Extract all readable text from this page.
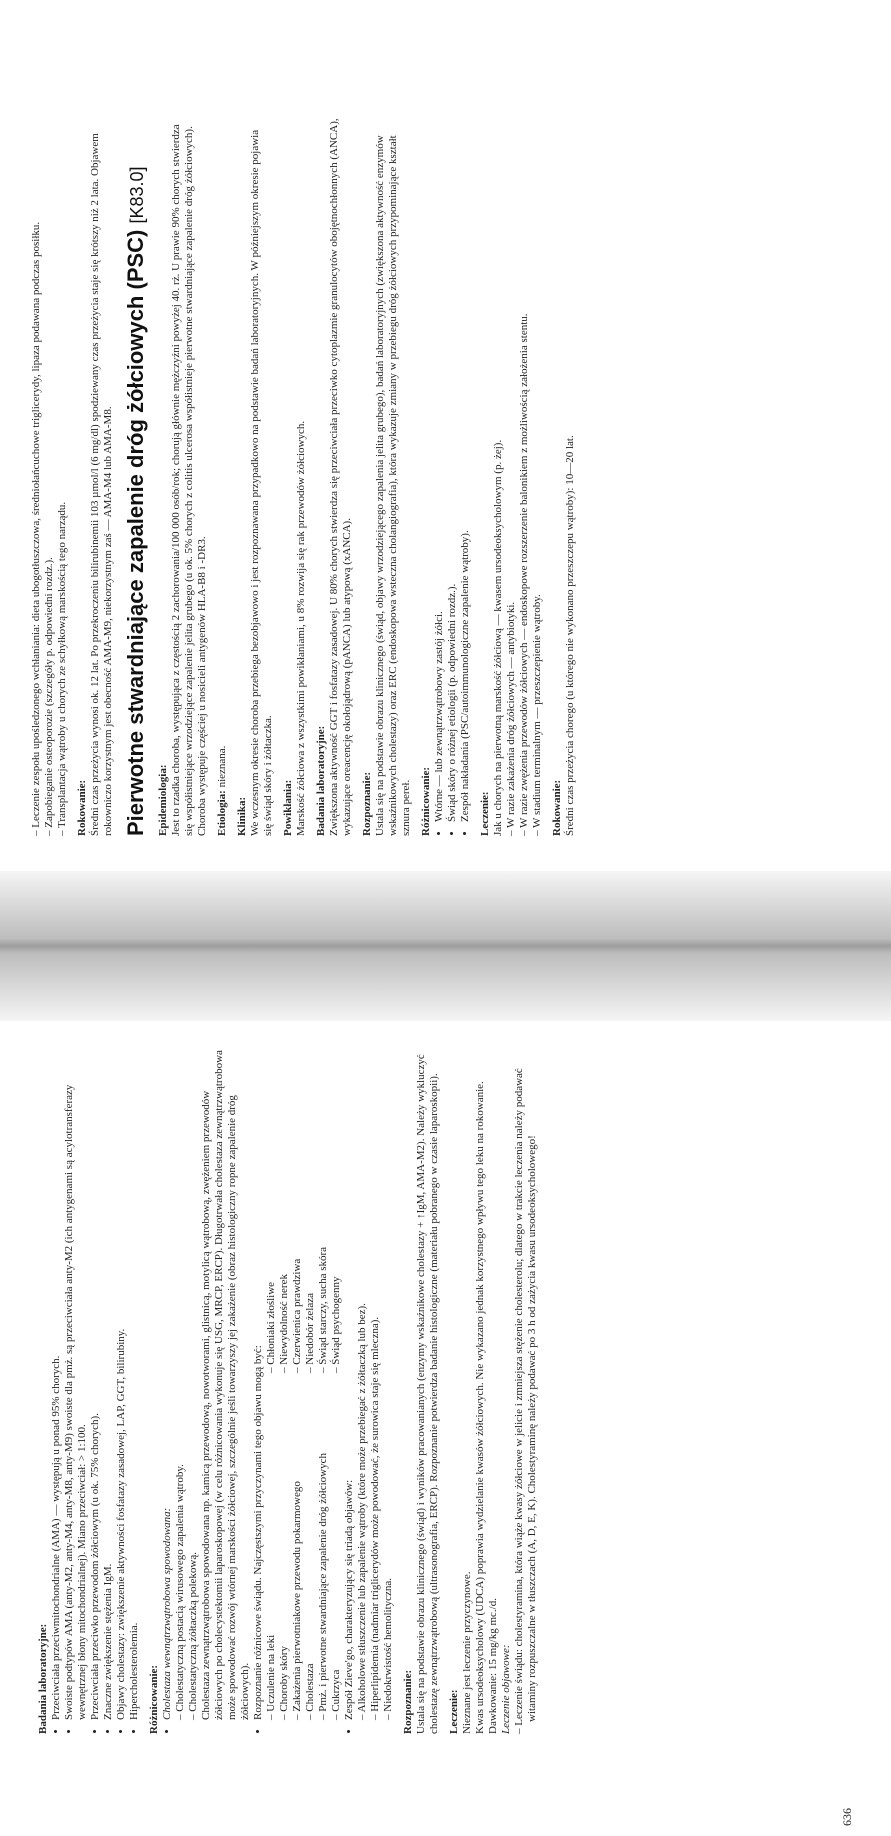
636

Badania laboratoryjne: • Przeciwciała przeciwmitochondrialne (AMA) — występują u ponad 95% chorych. • Swoiste podtypów AMA (anty-M2, anty-M4, anty-M8, anty-M9) swoiste dla pmż. są przeciwciała anty-M2 (ich antygenami są acylotransferazy wewnętrznej błony mitochondrialnej). Miano przeciwciał: > 1:100. • Przeciwciała przeciwko przewodom żółciowym (u ok. 75% chorych). • Znaczne zwiększenie stężenia IgM. • Objawy cholestazy: zwiększenie aktywności fosfatazy zasadowej, LAP, GGT, bilirubiny. • Hipercholesterolemia. Różnicowanie: • Cholestaza wewnątrzwątrobowa spowodowana: – Cholestatyczną postacią wirusowego zapalenia wątroby. – Cholestatyczną żółtaczką polekową. Cholestaza zewnątrzwątrobowa spowodowana np. kamicą przewodową, nowotworami, glistnicą, motylicą wątrobową, zwężeniem przewodów żółciowych po cholecystektomii laparoskopowej (w celu różnicowania wykonuje się USG, MRCP, ERCP). Długotrwała cholestaza zewnątrzwątrobowa może spowodować rozwój wtórnej marskości żółciowej, szczególnie jeśli towarzyszy jej zakażenie (obraz histologiczny ropne zapalenie dróg żółciowych). • Rozpoznanie różnicowe świądu. Najczęstszymi przyczynami tego objawu mogą być: – Uczulenie na leki – Choroby skóry – Zakażenia pierwotniakowe przewodu pokarmowego – Cholestaza – Pmż. i pierwotne stwardniające zapalenie dróg żółciowych – Cukrzyca
– Chłoniaki złośliwe – Niewydolność nerek – Czerwienica prawdziwa – Niedobór żelaza – Świąd starczy, sucha skóra – Świąd psychogenny
• Zespół Zieve'go, charakteryzujący się triadą objawów: – Alkoholowe stłuszczenie lub zapalenie wątroby (które może przebiegać z żółtaczką lub bez). – Hiperlipidemia (nadmiar triglicerydów może powodować, że surowica staje się mleczna). – Niedokrwistość hemolityczna. Rozpoznanie: Ustala się na podstawie obrazu klinicznego (świąd) i wyników pracowanianych (enzymy wskaźnikowe cholestazy + ↑IgM, AMA-M2). Należy wykluczyć cholestazę zewnątrzwątrobową (ultrasonografia, ERCP). Rozpoznanie potwierdza badanie histologiczne (materiału pobranego w czasie laparoskopii). Leczenie: Nieznane jest leczenie przyczynowe. Kwas ursodeoksycholowy (UDCA) poprawia wydzielanie kwasów żółciowych. Nie wykazano jednak korzystnego wpływu tego leku na rokowanie. Dawkowanie: 15 mg/kg mc./d. Leczenie objawowe: – Leczenie świądu: cholestyramina, która wiąże kwasy żółciowe w jelicie i zmniejsza stężenie cholesterolu; dlatego w trakcie leczenia należy podawać witaminy rozpuszczalne w tłuszczach (A, D, E, K). Cholestyraminę należy podawać po 3 h od zażycia kwasu ursodeoksycholowego!
– Leczenie zespołu upośledzonego wchłaniania: dieta ubogotłuszczowa, średniołańcuchowe triglicerydy, lipaza podawana podczas posiłku. – Zapobieganie osteoporozie (szczegóły p. odpowiedni rozdz.). – Transplantacja wątroby u chorych ze schyłkową marskością tego narządu. Rokowanie: Średni czas przeżycia wynosi ok. 12 lat. Po przekroczeniu bilirubinemii 103 µmol/l (6 mg/dl) spodziewany czas przeżycia staje się krótszy niż 2 lata. Objawem rokowniczo korzystnym jest obecność AMA-M9, niekorzystnym zaś — AMA-M4 lub AMA-M8. Pierwotne stwardniające zapalenie dróg żółciowych (PSC) [K83.0]

Epidemiologia: Jest to rzadka choroba, występująca z częstością 2 zachorowania/100 000 osób/rok; chorują głównie mężczyźni powyżej 40. rż. U prawie 90% chorych stwierdza się współistniejące wrzodziejące zapalenie jelita grubego (u ok. 5% chorych z colitis ulcerosa współistnieje pierwotne stwardniające zapalenie dróg żółciowych). Choroba występuje częściej u nosicieli antygenów HLA-B8 i -DR3. Etiologia: nieznana.

Klinika: We wczesnym okresie choroba przebiega bezobjawowo i jest rozpoznawana przypadkowo na podstawie badań laboratoryjnych. W późniejszym okresie pojawia się świąd skóry i żółtaczka. Powikłania: Marskość żółciowa z wszystkimi powikłaniami, u 8% rozwija się rak przewodów żółciowych. Badania laboratoryjne: Zwiększona aktywność GGT i fosfatazy zasadowej. U 80% chorych stwierdza się przeciwciała przeciwko cytoplazmie granulocytów obojętnochłonnych (ANCA), wykazujące oreacencję okołojądrową (pANCA) lub atypową (xANCA). Rozpoznanie: Ustala się na podstawie obrazu klinicznego (świąd, objawy wrzodziejącego zapalenia jelita grubego), badań laboratoryjnych (zwiększona aktywność enzymów wskaźnikowych cholestazy) oraz ERC (endoskopowa wsteczna cholangiografia), która wykazuje zmiany w przebiegu dróg żółciowych przypominające kształt sznura pereł. Różnicowanie: • Wtórne — lub zewnątrzwątrobowy zastój żółci. • Świąd skóry o różnej etiologii (p. odpowiedni rozdz.). • Zespół nakładania (PSC/autoimmunologiczne zapalenie wątroby). Leczenie: Jak u chorych na pierwotną marskość żółciową — kwasem ursodeoksycholowym (p. żej). – W razie zakażenia dróg żółciowych — antybiotyki. – W razie zwężenia przewodów żółciowych — endoskopowe rozszerzenie balonikiem z możliwością założenia stentu. – W stadium terminalnym — przeszczepienie wątroby. Rokowanie: Średni czas przeżycia chorego (u którego nie wykonano przeszczepu wątroby): 10—20 lat.
